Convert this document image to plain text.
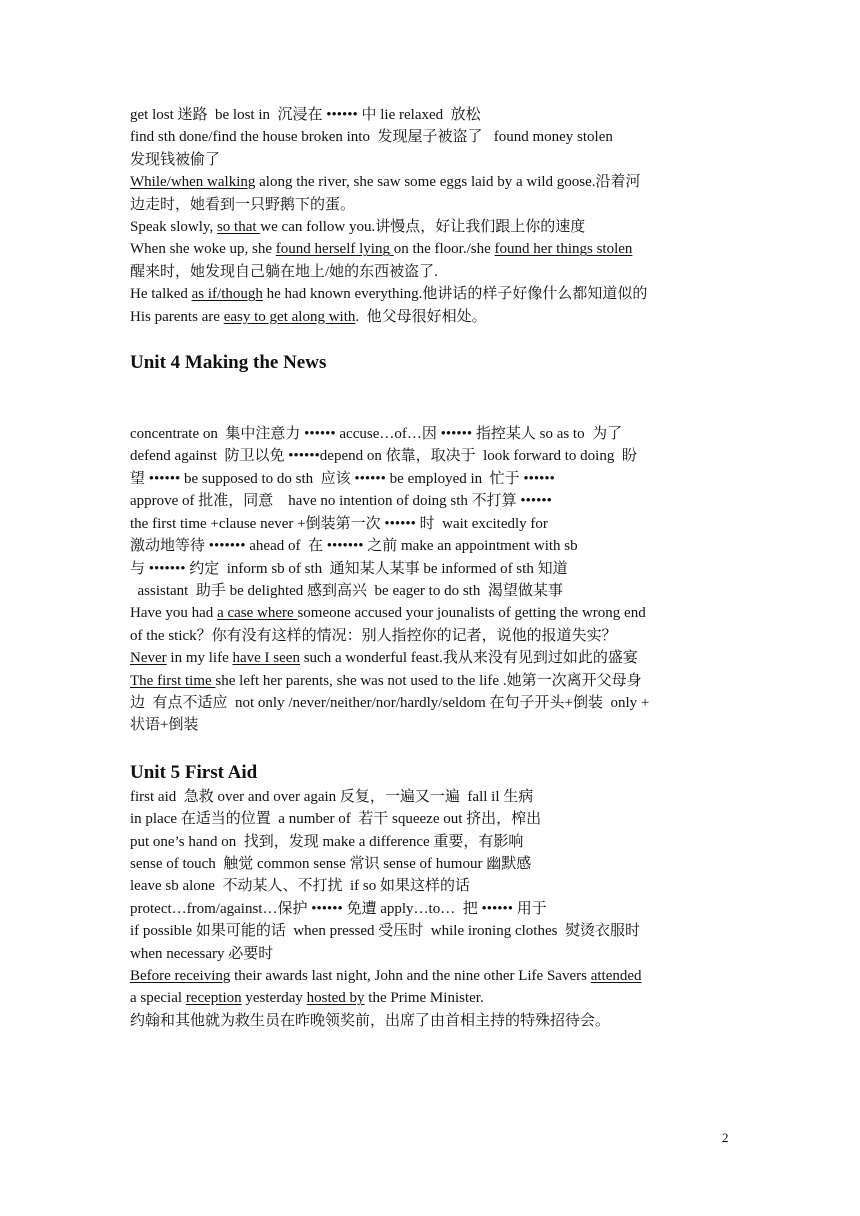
get lost 迷路  be lost in  沉浸在 •••••• 中 lie relaxed  放松

find sth done/find the house broken into  发现屋子被盗了   found money stolen

发现钱被偷了

While/when walking along the river, she saw some eggs laid by a wild goose.沿着河

边走时，她看到一只野鹅下的蛋。

Speak slowly, so that we can follow you.讲慢点，好让我们跟上你的速度

When she woke up, she found herself lying on the floor./she found her things stolen

醒来时，她发现自己躺在地上/她的东西被盗了.

He talked as if/though he had known everything.他讲话的样子好像什么都知道似的

His parents are easy to get along with.  他父母很好相处。

Unit 4 Making the News

concentrate on  集中注意力 •••••• accuse…of…因 •••••• 指控某人 so as to  为了

defend against  防卫以免 ••••••depend on 依靠，取决于  look forward to doing  盼

望 •••••• be supposed to do sth  应该 •••••• be employed in  忙于 ••••••

approve of 批准，同意    have no intention of doing sth 不打算 ••••••

the first time +clause never +倒装第一次 •••••• 时  wait excitedly for

激动地等待 ••••••• ahead of  在 ••••••• 之前 make an appointment with sb

与 ••••••• 约定  inform sb of sth  通知某人某事 be informed of sth 知道

assistant  助手 be delighted 感到高兴  be eager to do sth  渴望做某事

Have you had a case where someone accused your jounalists of getting the wrong end

of the stick？你有没有这样的情况：别人指控你的记者，说他的报道失实？

Never in my life have I seen such a wonderful feast.我从来没有见到过如此的盛宴

The first time she left her parents, she was not used to the life .她第一次离开父母身

边  有点不适应  not only /never/neither/nor/hardly/seldom 在句子开头+倒装  only +

状语+倒装

Unit 5 First Aid

first aid  急救 over and over again 反复，一遍又一遍  fall il 生病

in place 在适当的位置  a number of  若干 squeeze out 挤出，榨出

put one’s hand on  找到，发现 make a difference 重要，有影响

sense of touch  触觉 common sense 常识 sense of humour 幽默感

leave sb alone  不动某人、不打扰  if so 如果这样的话

protect…from/against…保护 •••••• 免遭 apply…to…  把 •••••• 用于

if possible 如果可能的话  when pressed 受压时  while ironing clothes  熨烫衣服时

when necessary 必要时

Before receiving their awards last night, John and the nine other Life Savers attended

a special reception yesterday hosted by the Prime Minister.

约翰和其他就为救生员在昨晚领奖前，出席了由首相主持的特殊招待会。

2
